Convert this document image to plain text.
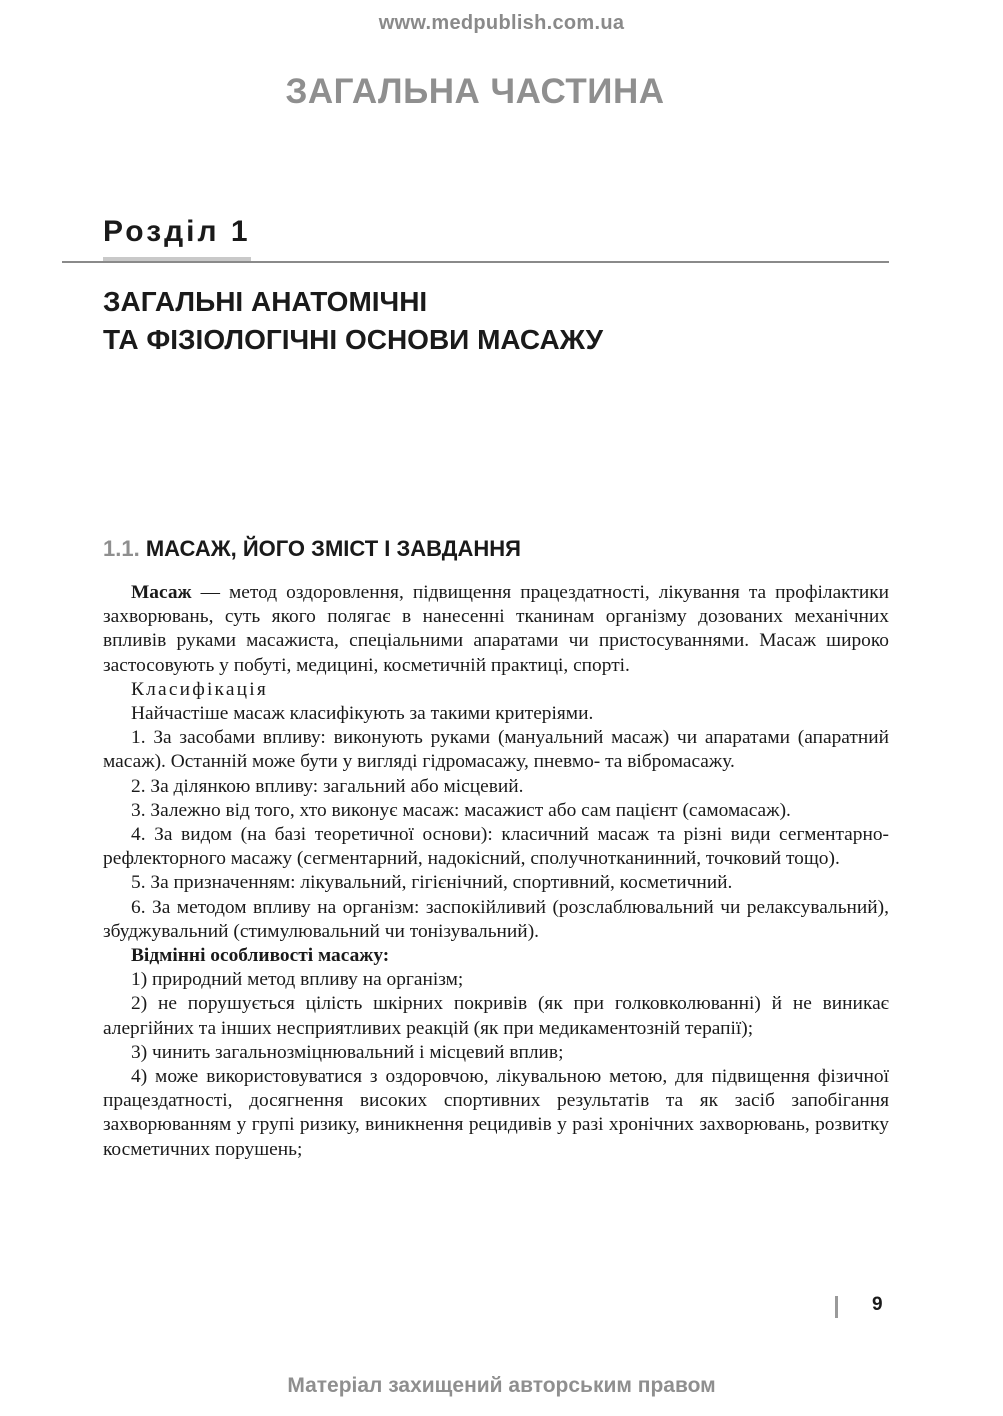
www.medpublish.com.ua
ЗАГАЛЬНА ЧАСТИНА
Розділ 1
ЗАГАЛЬНІ АНАТОМІЧНІ
ТА ФІЗІОЛОГІЧНІ ОСНОВИ МАСАЖУ
1.1. МАСАЖ, ЙОГО ЗМІСТ І ЗАВДАННЯ

Масаж — метод оздоровлення, підвищення працездатності, лікування та профілактики захворювань, суть якого полягає в нанесенні тканинам організму дозованих механічних впливів руками масажиста, спеціальними апаратами чи пристосуваннями. Масаж широко застосовують у побуті, медицині, косметичній практиці, спорті.

Класифікація

Найчастіше масаж класифікують за такими критеріями.

1. За засобами впливу: виконують руками (мануальний масаж) чи апаратами (апаратний масаж). Останній може бути у вигляді гідромасажу, пневмо- та вібромасажу.

2. За ділянкою впливу: загальний або місцевий.

3. Залежно від того, хто виконує масаж: масажист або сам пацієнт (самомасаж).

4. За видом (на базі теоретичної основи): класичний масаж та різні види сегментарно-рефлекторного масажу (сегментарний, надокісний, сполучнотканинний, точковий тощо).

5. За призначенням: лікувальний, гігієнічний, спортивний, косметичний.

6. За методом впливу на організм: заспокійливий (розслаблювальний чи релаксувальний), збуджувальний (стимулювальний чи тонізувальний).

Відмінні особливості масажу:

1) природний метод впливу на організм;

2) не порушується цілість шкірних покривів (як при голковколюванні) й не виникає алергійних та інших несприятливих реакцій (як при медикаментозній терапії);

3) чинить загальнозміцнювальний і місцевий вплив;

4) може використовуватися з оздоровчою, лікувальною метою, для підвищення фізичної працездатності, досягнення високих спортивних результатів та як засіб запобігання захворюванням у групі ризику, виникнення рецидивів у разі хронічних захворювань, розвитку косметичних порушень;

9
Матеріал захищений авторським правом
